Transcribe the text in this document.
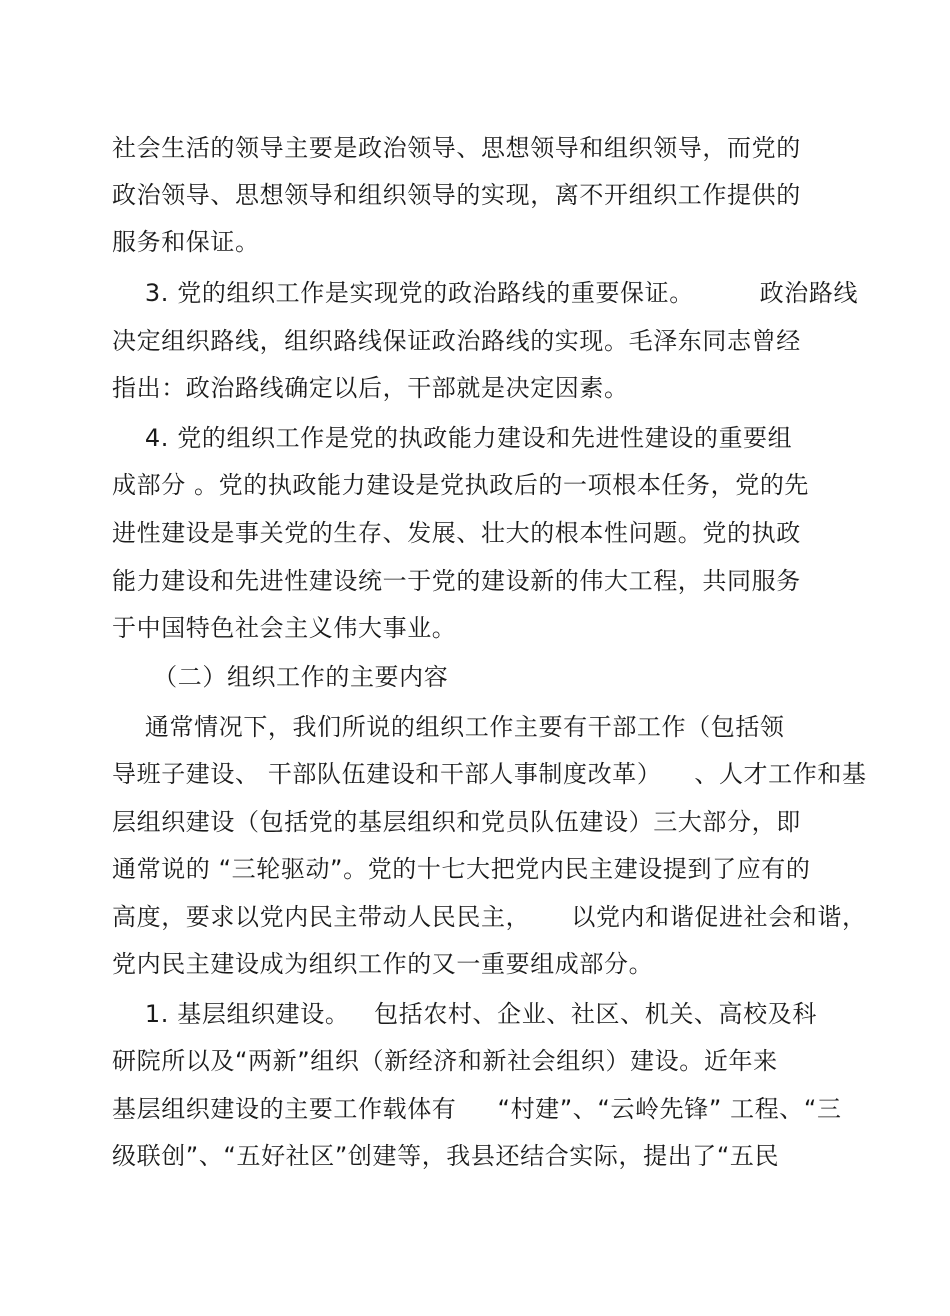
社会生活的领导主要是政治领导、思想领导和组织领导，而党的
政治领导、思想领导和组织领导的实现，离不开组织工作提供的
服务和保证。
3. 党的组织工作是实现党的政治路线的重要保证。        政治路线
决定组织路线，组织路线保证政治路线的实现。毛泽东同志曾经
指出：政治路线确定以后，干部就是决定因素。
4. 党的组织工作是党的执政能力建设和先进性建设的重要组
成部分 。党的执政能力建设是党执政后的一项根本任务，党的先
进性建设是事关党的生存、发展、壮大的根本性问题。党的执政
能力建设和先进性建设统一于党的建设新的伟大工程，共同服务
于中国特色社会主义伟大事业。
（二）组织工作的主要内容
通常情况下，我们所说的组织工作主要有干部工作（包括领
导班子建设、 干部队伍建设和干部人事制度改革）    、人才工作和基
层组织建设（包括党的基层组织和党员队伍建设）三大部分，即
通常说的 “三轮驱动”。党的十七大把党内民主建设提到了应有的
高度，要求以党内民主带动人民民主，     以党内和谐促进社会和谐，
党内民主建设成为组织工作的又一重要组成部分。
1. 基层组织建设。   包括农村、企业、社区、机关、高校及科
研院所以及“两新”组织（新经济和新社会组织）建设。近年来
基层组织建设的主要工作载体有     “村建”、“云岭先锋” 工程、“三
级联创”、“五好社区”创建等，我县还结合实际，提出了“五民
